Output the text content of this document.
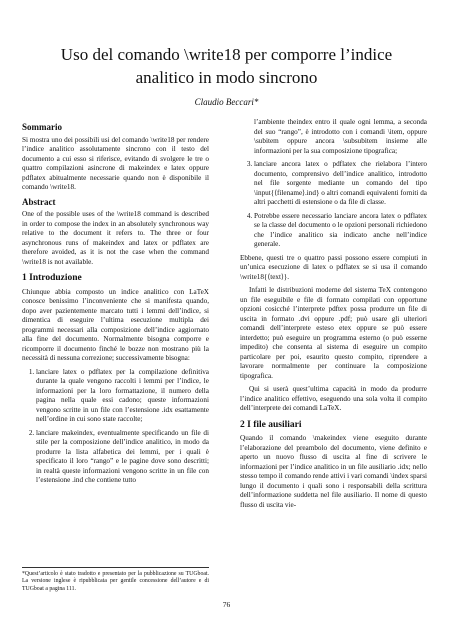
Uso del comando \write18 per comporre l’indice
analitico in modo sincrono
Claudio Beccari*
Sommario

Si mostra uno dei possibili usi del comando \write18 per rendere l’indice analitico assolutamente sincrono con il testo del documento a cui esso si riferisce, evitando di svolgere le tre o quattro compilazioni asincrone di makeindex e latex oppure pdflatex abitualmente necessarie quando non è disponibile il comando \write18.

Abstract

One of the possible uses of the \write18 command is described in order to compose the index in an absolutely synchronous way relative to the document it refers to. The three or four asynchronous runs of makeindex and latex or pdflatex are therefore avoided, as it is not the case when the command \write18 is not available.

1 Introduzione

Chiunque abbia composto un indice analitico con LaTeX conosce benissimo l’inconveniente che si manifesta quando, dopo aver pazientemente marcato tutti i lemmi dell’indice, si dimentica di eseguire l’ultima esecuzione multipla dei programmi necessari alla composizione dell’indice aggiornato alla fine del documento. Normalmente bisogna comporre e ricomporre il documento finché le bozze non mostrano più la necessità di nessuna correzione; successivamente bisogna:

1. lanciare latex o pdflatex per la compilazione definitiva durante la quale vengono raccolti i lemmi per l’indice, le informazioni per la loro formattazione, il numero della pagina nella quale essi cadono; queste informazioni vengono scritte in un file con l’estensione .idx esattamente nell’ordine in cui sono state raccolte;
2. lanciare makeindex, eventualmente specificando un file di stile per la composizione dell’indice analitico, in modo da produrre la lista alfabetica dei lemmi, per i quali è specificato il loro “rango” e le pagine dove sono descritti; in realtà queste informazioni vengono scritte in un file con l’estensione .ind che contiene tutto

l’ambiente theindex entro il quale ogni lemma, a seconda del suo “rango”, è introdotto con i comandi \item, oppure \subitem oppure ancora \subsubitem insieme alle informazioni per la sua composizione tipografica;

3. lanciare ancora latex o pdflatex che rielabora l’intero documento, comprensivo dell’indice analitico, introdotto nel file sorgente mediante un comando del tipo \input{⟨filename⟩.ind} o altri comandi equivalenti forniti da altri pacchetti di estensione o da file di classe.
4. Potrebbe essere necessario lanciare ancora latex o pdflatex se la classe del documento o le opzioni personali richiedono che l’indice analitico sia indicato anche nell’indice generale.

Ebbene, questi tre o quattro passi possono essere compiuti in un’unica esecuzione di latex o pdflatex se si usa il comando \write18{⟨text⟩}.

Infatti le distribuzioni moderne del sistema TeX contengono un file eseguibile e file di formato compilati con opportune opzioni cosicché l’interprete pdftex possa produrre un file di uscita in formato .dvi oppure .pdf; può usare gli ulteriori comandi dell’interprete esteso etex oppure se può essere interdetto; può eseguire un programma esterno (o può esserne impedito) che consenta al sistema di eseguire un compito particolare per poi, esaurito questo compito, riprendere a lavorare normalmente per continuare la composizione tipografica.

Qui si userà quest’ultima capacità in modo da produrre l’indice analitico effettivo, eseguendo una sola volta il compito dell’interprete dei comandi LaTeX.

2 I file ausiliari

Quando il comando \makeindex viene eseguito durante l’elaborazione del preambolo del documento, viene definito e aperto un nuovo flusso di uscita al fine di scrivere le informazioni per l’indice analitico in un file ausiliario .idx; nello stesso tempo il comando rende attivi i vari comandi \index sparsi lungo il documento i quali sono i responsabili della scrittura dell’informazione suddetta nel file ausiliario. Il nome di questo flusso di uscita vie-

*Quest’articolo è stato tradotto e presentato per la pubblicazione su TUGboat. La versione inglese è ripubblicata per gentile concessione dell’autore e di TUGboat a pagina 111.
76
